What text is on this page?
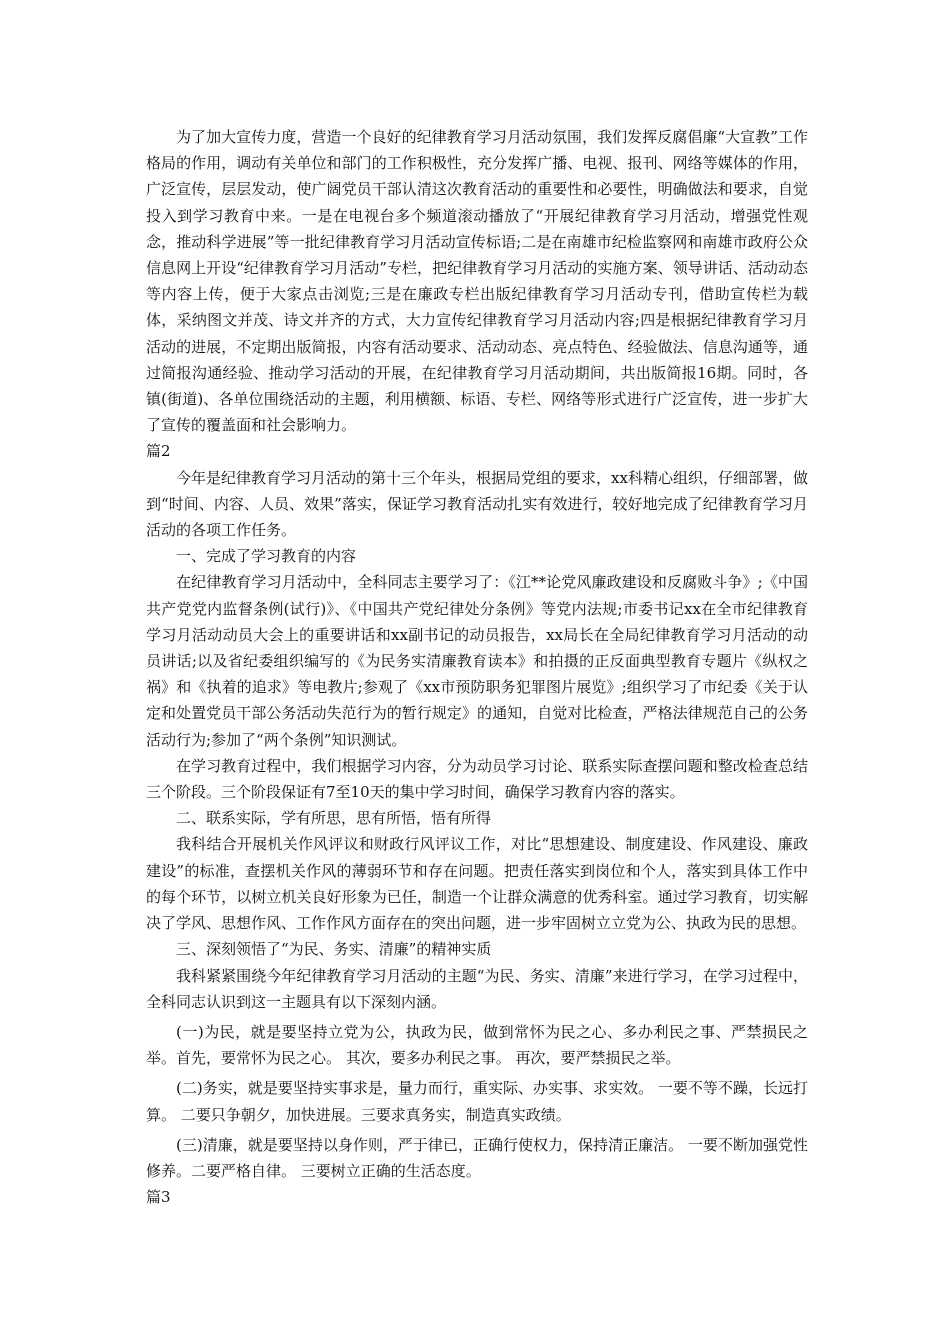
为了加大宣传力度，营造一个良好的纪律教育学习月活动氛围，我们发挥反腐倡廉“大宣教”工作格局的作用，调动有关单位和部门的工作积极性，充分发挥广播、电视、报刊、网络等媒体的作用，广泛宣传，层层发动，使广阔党员干部认清这次教育活动的重要性和必要性，明确做法和要求，自觉投入到学习教育中来。一是在电视台多个频道滚动播放了“开展纪律教育学习月活动，增强党性观念，推动科学进展”等一批纪律教育学习月活动宣传标语;二是在南雄市纪检监察网和南雄市政府公众信息网上开设“纪律教育学习月活动”专栏，把纪律教育学习月活动的实施方案、领导讲话、活动动态等内容上传，便于大家点击浏览;三是在廉政专栏出版纪律教育学习月活动专刊，借助宣传栏为载体，采纳图文并茂、诗文并齐的方式，大力宣传纪律教育学习月活动内容;四是根据纪律教育学习月活动的进展，不定期出版简报，内容有活动要求、活动动态、亮点特色、经验做法、信息沟通等，通过简报沟通经验、推动学习活动的开展，在纪律教育学习月活动期间，共出版简报16期。同时，各镇(街道)、各单位围绕活动的主题，利用横额、标语、专栏、网络等形式进行广泛宣传，进一步扩大了宣传的覆盖面和社会影响力。

篇2

今年是纪律教育学习月活动的第十三个年头，根据局党组的要求，xx科精心组织，仔细部署，做到“时间、内容、人员、效果”落实，保证学习教育活动扎实有效进行，较好地完成了纪律教育学习月活动的各项工作任务。

一、完成了学习教育的内容

在纪律教育学习月活动中，全科同志主要学习了：《江**论党风廉政建设和反腐败斗争》;《中国共产党党内监督条例(试行)》、《中国共产党纪律处分条例》等党内法规;市委书记xx在全市纪律教育学习月活动动员大会上的重要讲话和xx副书记的动员报告，xx局长在全局纪律教育学习月活动的动员讲话;以及省纪委组织编写的《为民务实清廉教育读本》和拍摄的正反面典型教育专题片《纵权之祸》和《执着的追求》等电教片;参观了《xx市预防职务犯罪图片展览》;组织学习了市纪委《关于认定和处置党员干部公务活动失范行为的暂行规定》的通知，自觉对比检查，严格法律规范自己的公务活动行为;参加了“两个条例”知识测试。

在学习教育过程中，我们根据学习内容，分为动员学习讨论、联系实际查摆问题和整改检查总结三个阶段。三个阶段保证有7至10天的集中学习时间，确保学习教育内容的落实。

二、联系实际，学有所思，思有所悟，悟有所得

我科结合开展机关作风评议和财政行风评议工作，对比“思想建设、制度建设、作风建设、廉政建设”的标准，查摆机关作风的薄弱环节和存在问题。把责任落实到岗位和个人，落实到具体工作中的每个环节，以树立机关良好形象为已任，制造一个让群众满意的优秀科室。通过学习教育，切实解决了学风、思想作风、工作作风方面存在的突出问题，进一步牢固树立立党为公、执政为民的思想。

三、深刻领悟了“为民、务实、清廉”的精神实质

我科紧紧围绕今年纪律教育学习月活动的主题“为民、务实、清廉”来进行学习，在学习过程中，全科同志认识到这一主题具有以下深刻内涵。

(一)为民，就是要坚持立党为公，执政为民，做到常怀为民之心、多办利民之事、严禁损民之举。首先，要常怀为民之心。 其次，要多办利民之事。 再次，要严禁损民之举。

(二)务实，就是要坚持实事求是，量力而行，重实际、办实事、求实效。 一要不等不躁，长远打算。 二要只争朝夕，加快进展。三要求真务实，制造真实政绩。

(三)清廉，就是要坚持以身作则，严于律已，正确行使权力，保持清正廉洁。 一要不断加强党性修养。二要严格自律。 三要树立正确的生活态度。

篇3
